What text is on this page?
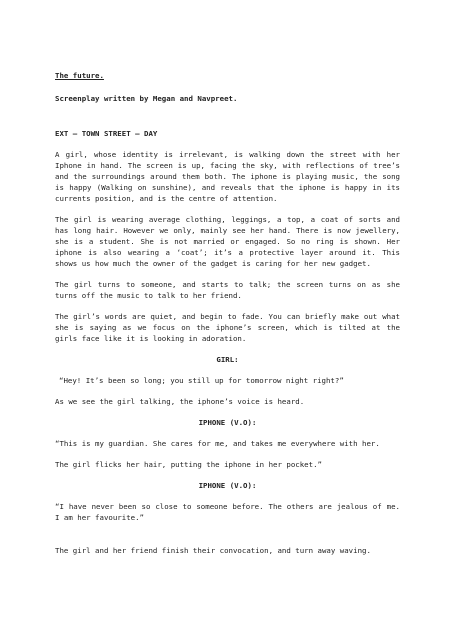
The future.

Screenplay written by Megan and Navpreet.

EXT – TOWN STREET – DAY

A girl, whose identity is irrelevant, is walking down the street with her Iphone in hand. The screen is up, facing the sky, with reflections of tree’s and the surroundings around them both. The iphone is playing music, the song is happy (Walking on sunshine), and reveals that the iphone is happy in its currents position, and is the centre of attention.

The girl is wearing average clothing, leggings, a top, a coat of sorts and has long hair. However we only, mainly see her hand. There is now jewellery, she is a student. She is not married or engaged. So no ring is shown. Her iphone is also wearing a ‘coat’; it’s a protective layer around it. This shows us how much the owner of the gadget is caring for her new gadget.

The girl turns to someone, and starts to talk; the screen turns on as she turns off the music to talk to her friend.

The girl’s words are quiet, and begin to fade. You can briefly make out what she is saying as we focus on the iphone’s screen, which is tilted at the girls face like it is looking in adoration.

GIRL:

“Hey! It’s been so long; you still up for tomorrow night right?”

As we see the girl talking, the iphone’s voice is heard.

IPHONE (V.O):

“This is my guardian. She cares for me, and takes me everywhere with her.

The girl flicks her hair, putting the iphone in her pocket.”

IPHONE (V.O):

“I have never been so close to someone before. The others are jealous of me. I am her favourite.”

The girl and her friend finish their convocation, and turn away waving.
